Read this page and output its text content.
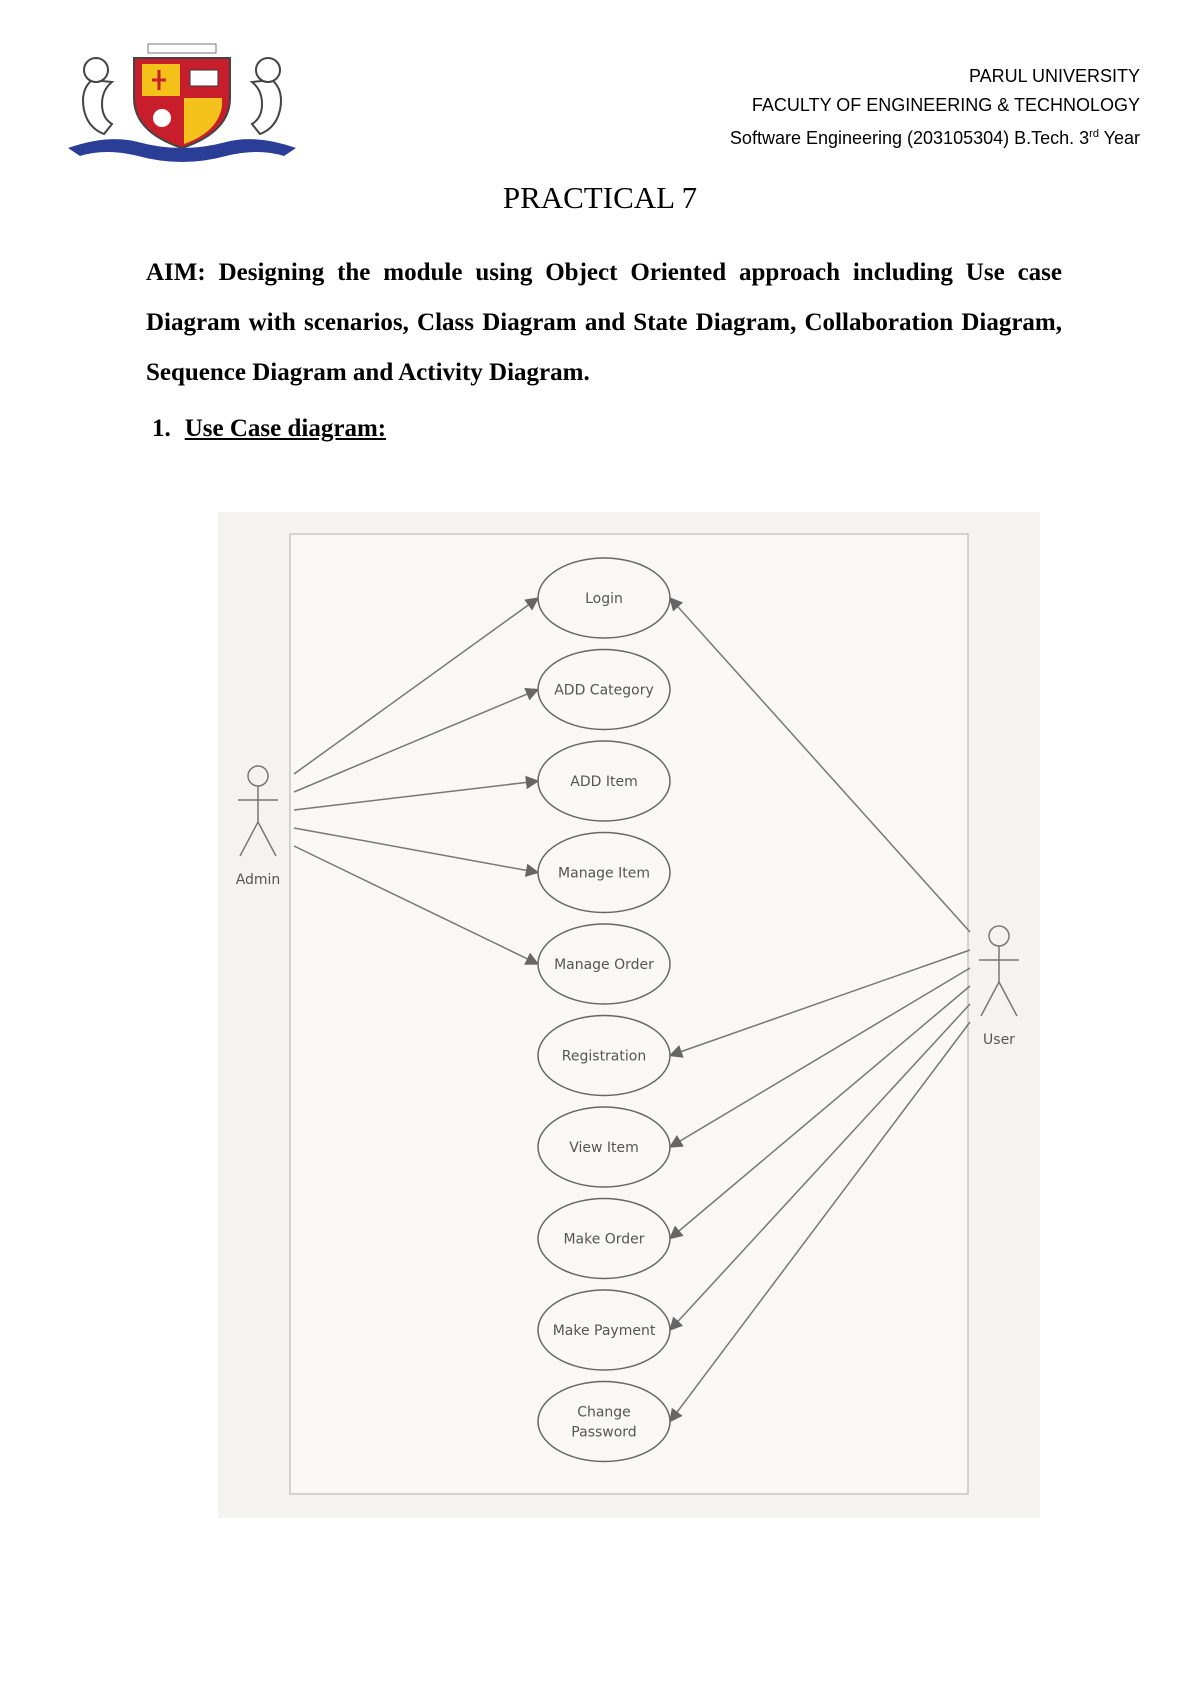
PARUL UNIVERSITY
FACULTY OF ENGINEERING & TECHNOLOGY
Software Engineering (203105304) B.Tech. 3rd Year
PRACTICAL 7
AIM: Designing the module using Object Oriented approach including Use case Diagram with scenarios, Class Diagram and State Diagram, Collaboration Diagram, Sequence Diagram and Activity Diagram.
1. Use Case diagram:
Login
ADD Category
ADD Item
Manage Item
Manage Order
Registration
View Item
Make Order
Make Payment
Change
Password
Admin
User
